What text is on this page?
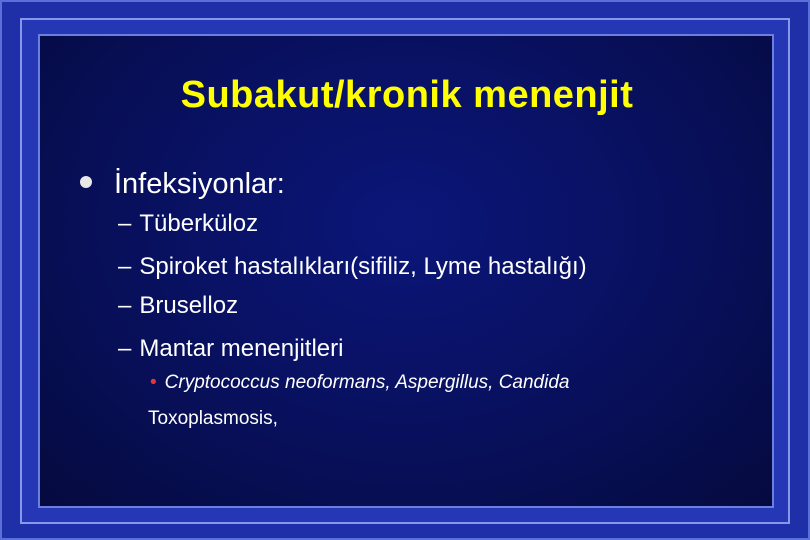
Subakut/kronik menenjit
İnfeksiyonlar:
– Tüberküloz
– Spiroket hastalıkları(sifiliz, Lyme hastalığı)
– Bruselloz
– Mantar menenjitleri
• Cryptococcus neoformans, Aspergillus, Candida
Toxoplasmosis,
